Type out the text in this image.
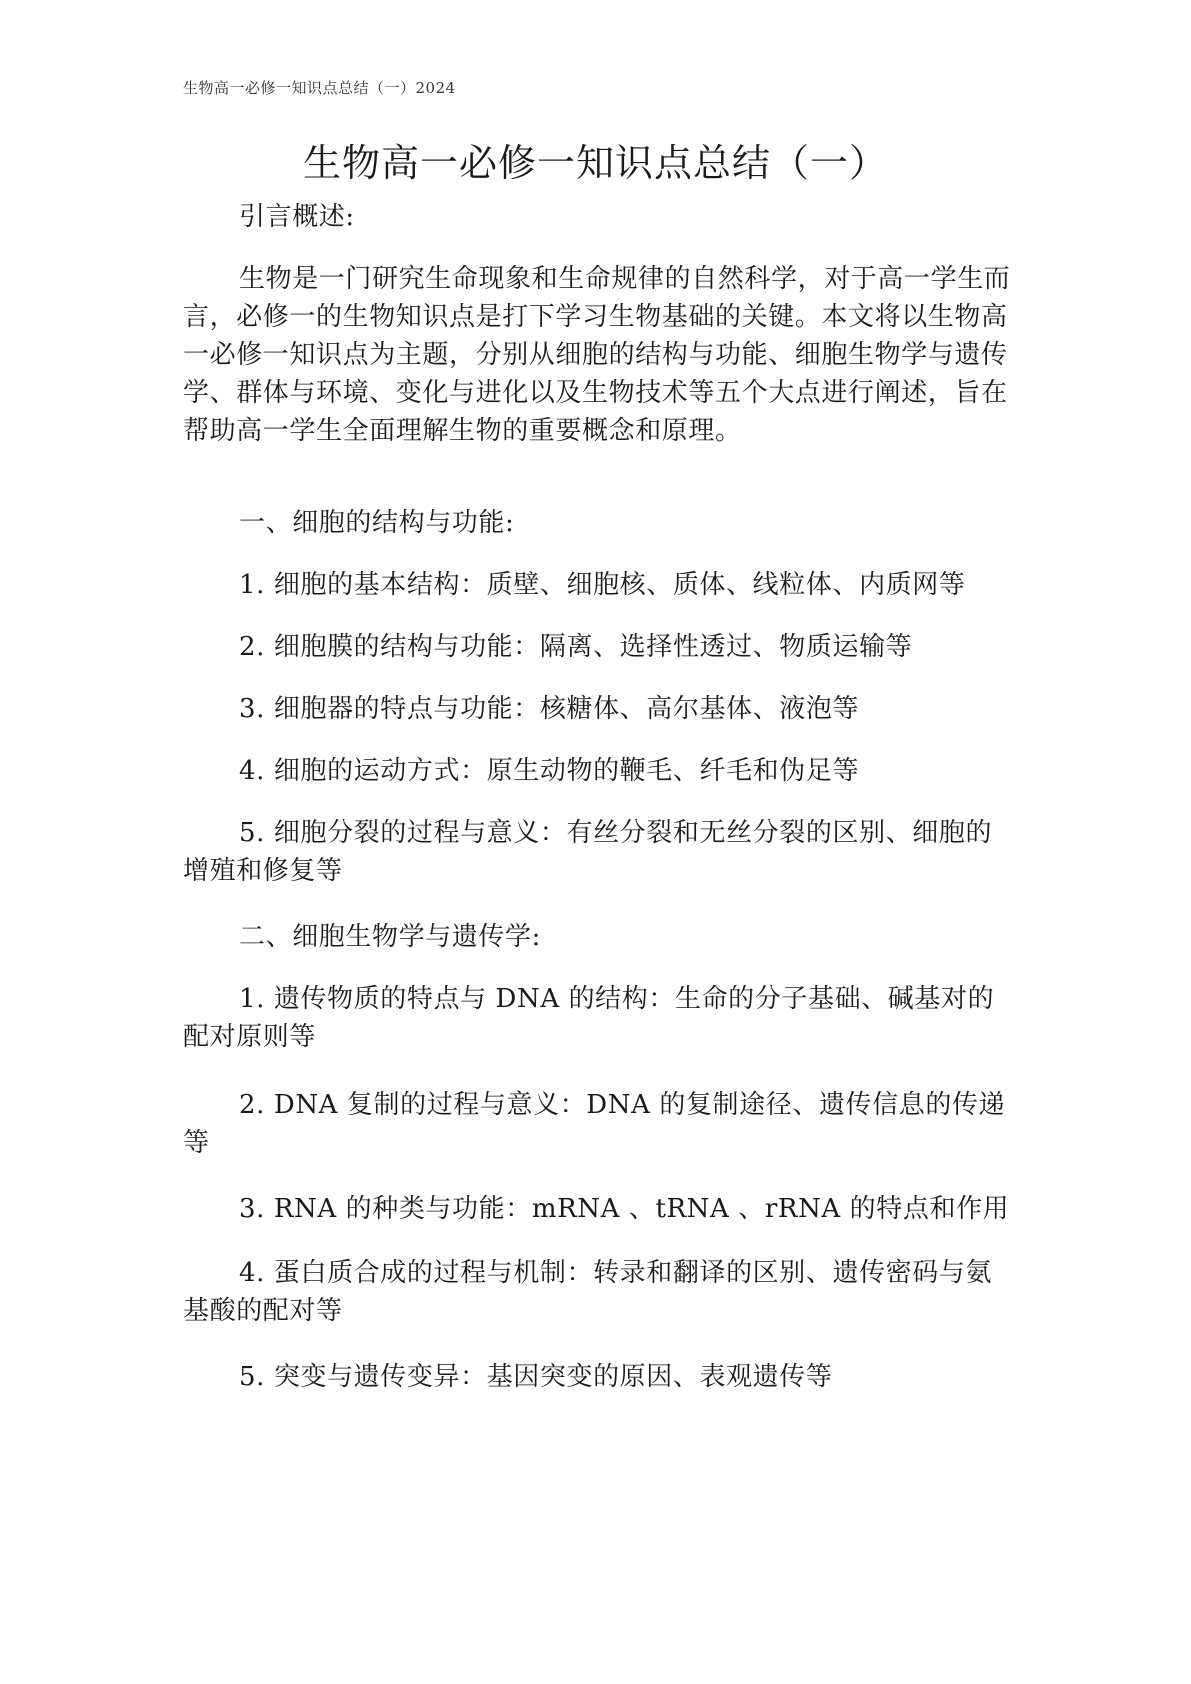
生物高一必修一知识点总结（一）2024
生物高一必修一知识点总结（一）

引言概述:

生物是一门研究生命现象和生命规律的自然科学，对于高一学生而言，必修一的生物知识点是打下学习生物基础的关键。本文将以生物高一必修一知识点为主题，分别从细胞的结构与功能、细胞生物学与遗传学、群体与环境、变化与进化以及生物技术等五个大点进行阐述，旨在帮助高一学生全面理解生物的重要概念和原理。

一、细胞的结构与功能:

1. 细胞的基本结构：质壁、细胞核、质体、线粒体、内质网等

2. 细胞膜的结构与功能：隔离、选择性透过、物质运输等

3. 细胞器的特点与功能：核糖体、高尔基体、液泡等

4. 细胞的运动方式：原生动物的鞭毛、纤毛和伪足等

5. 细胞分裂的过程与意义：有丝分裂和无丝分裂的区别、细胞的增殖和修复等

二、细胞生物学与遗传学:

1. 遗传物质的特点与 DNA 的结构：生命的分子基础、碱基对的配对原则等

2. DNA 复制的过程与意义：DNA 的复制途径、遗传信息的传递等

3. RNA 的种类与功能：mRNA 、tRNA 、rRNA 的特点和作用

4. 蛋白质合成的过程与机制：转录和翻译的区别、遗传密码与氨基酸的配对等

5. 突变与遗传变异：基因突变的原因、表观遗传等
